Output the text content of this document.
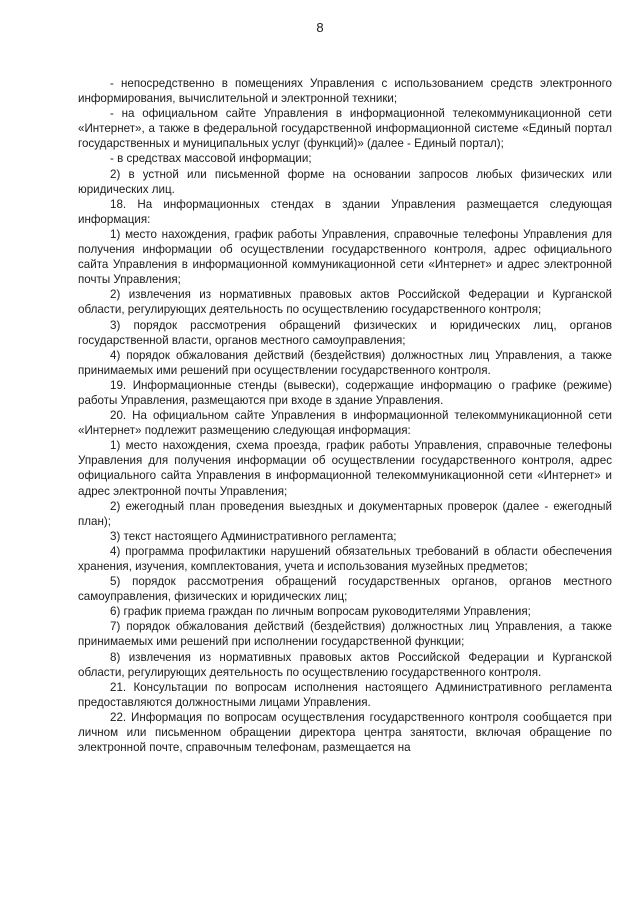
8

- непосредственно в помещениях Управления с использованием средств электронного информирования, вычислительной и электронной техники;

- на официальном сайте Управления в информационной телекоммуникационной сети «Интернет», а также в федеральной государственной информационной системе «Единый портал государственных и муниципальных услуг (функций)» (далее - Единый портал);

- в средствах массовой информации;

2) в устной или письменной форме на основании запросов любых физических или юридических лиц.

18. На информационных стендах в здании Управления размещается следующая информация:

1) место нахождения, график работы Управления, справочные телефоны Управления для получения информации об осуществлении государственного контроля, адрес официального сайта Управления в информационной коммуникационной сети «Интернет» и адрес электронной почты Управления;

2) извлечения из нормативных правовых актов Российской Федерации и Курганской области, регулирующих деятельность по осуществлению государственного контроля;

3) порядок рассмотрения обращений физических и юридических лиц, органов государственной власти, органов местного самоуправления;

4) порядок обжалования действий (бездействия) должностных лиц Управления, а также принимаемых ими решений при осуществлении государственного контроля.

19. Информационные стенды (вывески), содержащие информацию о графике (режиме) работы Управления, размещаются при входе в здание Управления.

20. На официальном сайте Управления в информационной телекоммуникационной сети «Интернет» подлежит размещению следующая информация:

1) место нахождения, схема проезда, график работы Управления, справочные телефоны Управления для получения информации об осуществлении государственного контроля, адрес официального сайта Управления в информационной телекоммуникационной сети «Интернет» и адрес электронной почты Управления;

2) ежегодный план проведения выездных и документарных проверок (далее - ежегодный план);

3) текст настоящего Административного регламента;

4) программа профилактики нарушений обязательных требований в области обеспечения хранения, изучения, комплектования, учета и использования музейных предметов;

5) порядок рассмотрения обращений государственных органов, органов местного самоуправления, физических и юридических лиц;

6) график приема граждан по личным вопросам руководителями Управления;

7) порядок обжалования действий (бездействия) должностных лиц Управления, а также принимаемых ими решений при исполнении государственной функции;

8) извлечения из нормативных правовых актов Российской Федерации и Курганской области, регулирующих деятельность по осуществлению государственного контроля.

21. Консультации по вопросам исполнения настоящего Административного регламента предоставляются должностными лицами Управления.

22. Информация по вопросам осуществления государственного контроля сообщается при личном или письменном обращении директора центра занятости, включая обращение по электронной почте, справочным телефонам, размещается на
